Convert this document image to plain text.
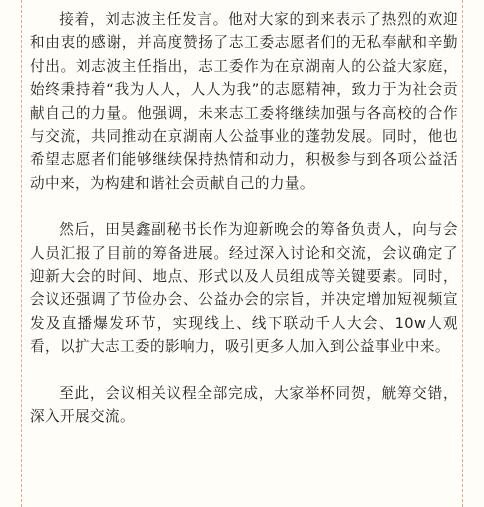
接着，刘志波主任发言。他对大家的到来表示了热烈的欢迎和由衷的感谢，并高度赞扬了志工委志愿者们的无私奉献和辛勤付出。刘志波主任指出，志工委作为在京湖南人的公益大家庭，始终秉持着“我为人人，人人为我”的志愿精神，致力于为社会贡献自己的力量。他强调，未来志工委将继续加强与各高校的合作与交流，共同推动在京湖南人公益事业的蓬勃发展。同时，他也希望志愿者们能够继续保持热情和动力，积极参与到各项公益活动中来，为构建和谐社会贡献自己的力量。

然后，田昊鑫副秘书长作为迎新晚会的筹备负责人，向与会人员汇报了目前的筹备进展。经过深入讨论和交流，会议确定了迎新大会的时间、地点、形式以及人员组成等关键要素。同时，会议还强调了节俭办会、公益办会的宗旨，并决定增加短视频宣发及直播爆发环节，实现线上、线下联动千人大会、10w人观看，以扩大志工委的影响力，吸引更多人加入到公益事业中来。

至此，会议相关议程全部完成，大家举杯同贺，觥筹交错，深入开展交流。
